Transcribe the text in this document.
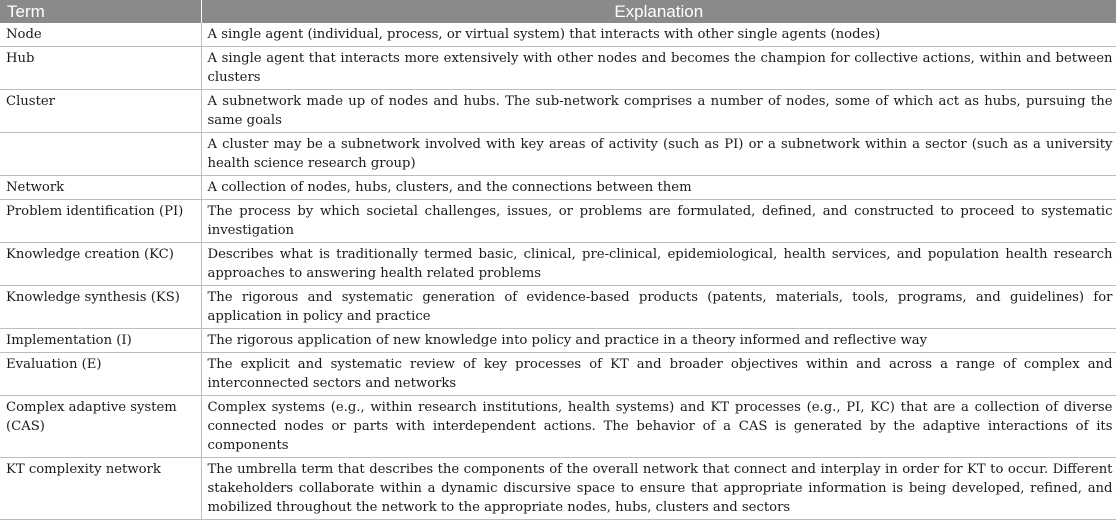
Term	Explanation
Node	A single agent (individual, process, or virtual system) that interacts with other single agents (nodes)
Hub	A single agent that interacts more extensively with other nodes and becomes the champion for collective actions, within and between clusters
Cluster	A subnetwork made up of nodes and hubs. The sub-network comprises a number of nodes, some of which act as hubs, pursuing the same goals
	A cluster may be a subnetwork involved with key areas of activity (such as PI) or a subnetwork within a sector (such as a university health science research group)
Network	A collection of nodes, hubs, clusters, and the connections between them
Problem identification (PI)	The process by which societal challenges, issues, or problems are formulated, defined, and constructed to proceed to systematic investigation
Knowledge creation (KC)	Describes what is traditionally termed basic, clinical, pre-clinical, epidemiological, health services, and population health research approaches to answering health related problems
Knowledge synthesis (KS)	The rigorous and systematic generation of evidence-based products (patents, materials, tools, programs, and guidelines) for application in policy and practice
Implementation (I)	The rigorous application of new knowledge into policy and practice in a theory informed and reflective way
Evaluation (E)	The explicit and systematic review of key processes of KT and broader objectives within and across a range of complex and interconnected sectors and networks
Complex adaptive system (CAS)	Complex systems (e.g., within research institutions, health systems) and KT processes (e.g., PI, KC) that are a collection of diverse connected nodes or parts with interdependent actions. The behavior of a CAS is generated by the adaptive interactions of its components
KT complexity network	The umbrella term that describes the components of the overall network that connect and interplay in order for KT to occur. Different stakeholders collaborate within a dynamic discursive space to ensure that appropriate information is being developed, refined, and mobilized throughout the network to the appropriate nodes, hubs, clusters and sectors
